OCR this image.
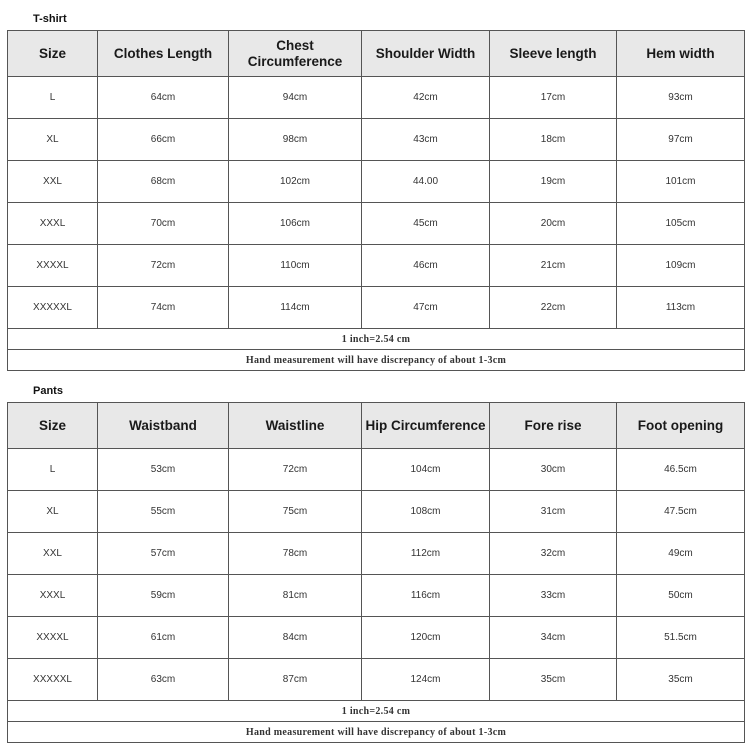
T-shirt
Size	Clothes Length	Chest Circumference	Shoulder Width	Sleeve length	Hem width
L	64cm	94cm	42cm	17cm	93cm
XL	66cm	98cm	43cm	18cm	97cm
XXL	68cm	102cm	44.00	19cm	101cm
XXXL	70cm	106cm	45cm	20cm	105cm
XXXXL	72cm	110cm	46cm	21cm	109cm
XXXXXL	74cm	114cm	47cm	22cm	113cm
1 inch=2.54 cm					
Hand measurement will have discrepancy of about 1-3cm					
Pants
Size	Waistband	Waistline	Hip Circumference	Fore rise	Foot opening
L	53cm	72cm	104cm	30cm	46.5cm
XL	55cm	75cm	108cm	31cm	47.5cm
XXL	57cm	78cm	112cm	32cm	49cm
XXXL	59cm	81cm	116cm	33cm	50cm
XXXXL	61cm	84cm	120cm	34cm	51.5cm
XXXXXL	63cm	87cm	124cm	35cm	35cm
1 inch=2.54 cm					
Hand measurement will have discrepancy of about 1-3cm					
